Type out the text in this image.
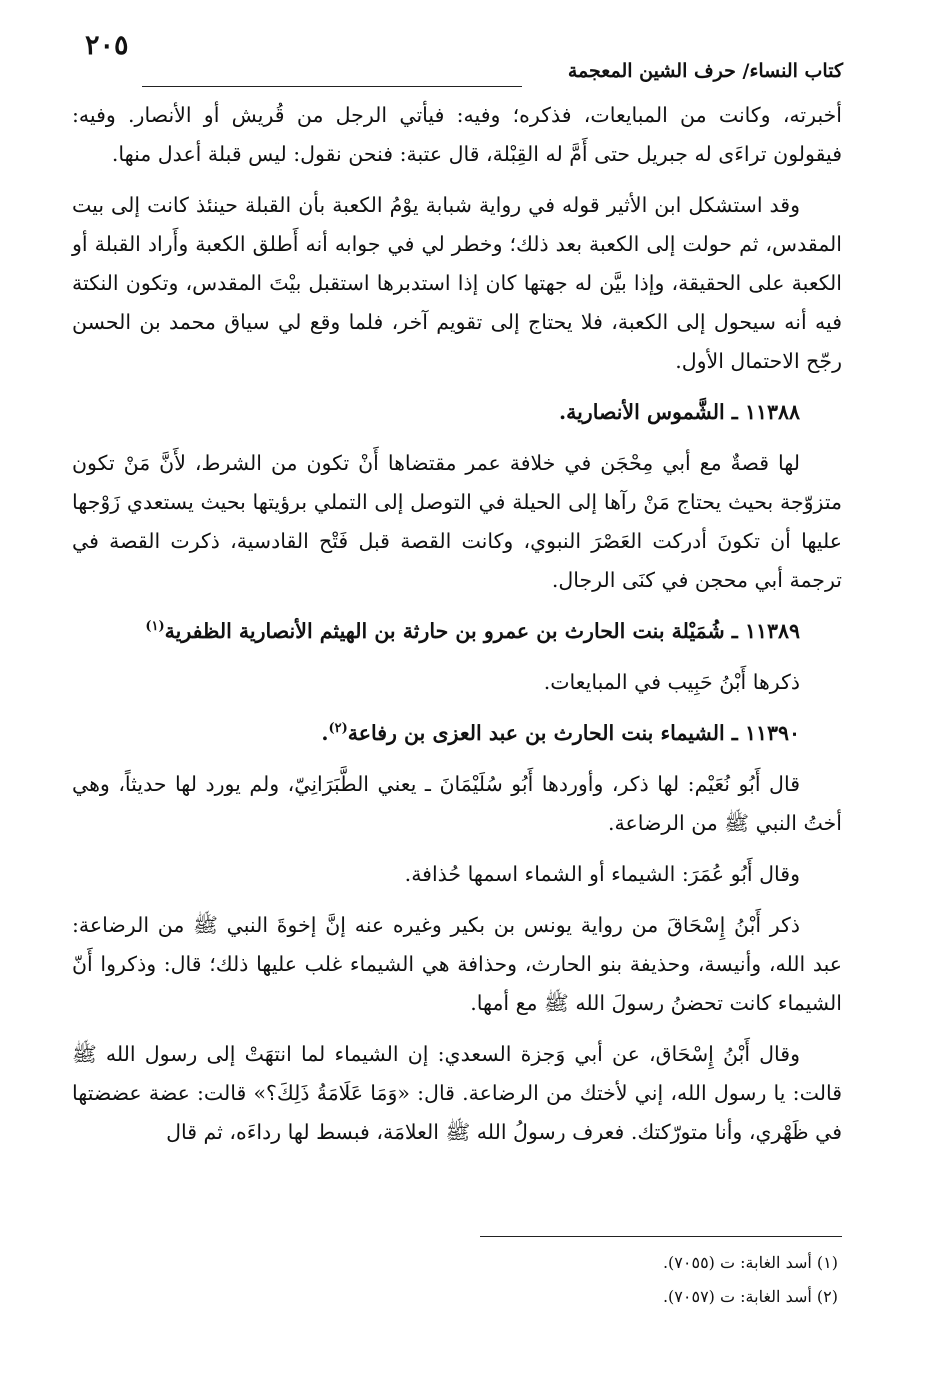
٢٠٥
كتاب النساء/ حرف الشين المعجمة

أخبرته، وكانت من المبايعات، فذكره؛ وفيه: فيأتي الرجل من قُريش أو الأنصار. وفيه: فيقولون تراءَى له جبريل حتى أَمَّ له القِبْلة، قال عتبة: فنحن نقول: ليس قبلة أعدل منها.

وقد استشكل ابن الأثير قوله في رواية شبابة يوْمُ الكعبة بأن القبلة حينئذ كانت إلى بيت المقدس، ثم حولت إلى الكعبة بعد ذلك؛ وخطر لي في جوابه أنه أَطلق الكعبة وأَراد القبلة أو الكعبة على الحقيقة، وإذا بيَّن له جهتها كان إذا استدبرها استقبل بيْتَ المقدس، وتكون النكتة فيه أنه سيحول إلى الكعبة، فلا يحتاج إلى تقويم آخر، فلما وقع لي سياق محمد بن الحسن رجّح الاحتمال الأول.

١١٣٨٨ ـ الشَّموس الأنصارية.

لها قصةٌ مع أبي مِحْجَن في خلافة عمر مقتضاها أَنْ تكون من الشرط، لأَنَّ مَنْ تكون متزوّجة بحيث يحتاج مَنْ رآها إلى الحيلة في التوصل إلى التملي برؤيتها بحيث يستعدي زَوْجها عليها أن تكونَ أدركت العَصْرَ النبوي، وكانت القصة قبل فَتْح القادسية، ذكرت القصة في ترجمة أبي محجن في كنَى الرجال.

١١٣٨٩ ـ شُمَيْلة بنت الحارث بن عمرو بن حارثة بن الهيثم الأنصارية الظفرية$^{(١)}$

ذكرها أَبْنُ حَبِيب في المبايعات.

١١٣٩٠ ـ الشيماء بنت الحارث بن عبد العزى بن رفاعة$^{(٢)}$.

قال أَبُو نُعَيْم: لها ذكر، وأوردها أَبُو سُلَيْمَانَ ـ يعني الطَّبَرَانِيّ، ولم يورد لها حديثاً، وهي أختُ النبي ﷺ من الرضاعة.

وقال أَبُو عُمَرَ: الشيماء أو الشماء اسمها حُذافة.

ذكر أَبْنُ إِسْحَاقَ من رواية يونس بن بكير وغيره عنه إنَّ إخوةَ النبي ﷺ من الرضاعة: عبد الله، وأنيسة، وحذيفة بنو الحارث، وحذافة هي الشيماء غلب عليها ذلك؛ قال: وذكروا أَنّ الشيماء كانت تحضنُ رسولَ الله ﷺ مع أمها.

وقال أَبْنُ إِسْحَاق، عن أبي وَجزة السعدي: إن الشيماء لما انتهَتْ إلى رسول الله ﷺ قالت: يا رسول الله، إني لأختك من الرضاعة. قال: «وَمَا عَلَامَةُ ذَلِكَ؟» قالت: عضة عضضتها في ظَهْري، وأنا متورّكتك. فعرف رسولُ الله ﷺ العلامَة، فبسط لها رداءَه، ثم قال

(١) أسد الغابة: ت (٧٠٥٥).

(٢) أسد الغابة: ت (٧٠٥٧).
